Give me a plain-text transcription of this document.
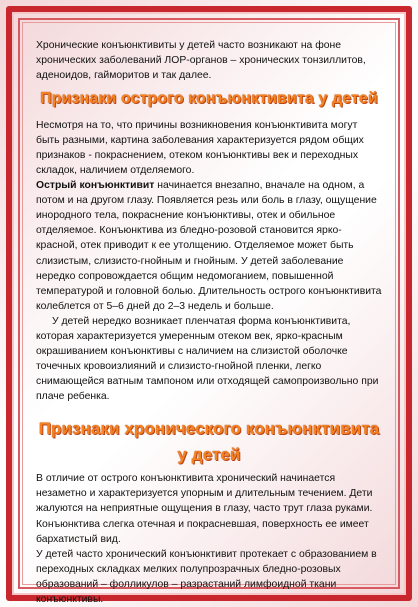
Хронические конъюнктивиты у детей часто возникают на фоне хронических заболеваний ЛОР-органов – хронических тонзиллитов, аденоидов, гайморитов и так далее.

Признаки острого конъюнктивита у детей

Несмотря на то, что причины возникновения конъюнктивита могут быть разными, картина заболевания характеризуется рядом общих признаков - покраснением, отеком конъюнктивы век и переходных складок, наличием отделяемого.

Острый конъюнктивит начинается внезапно, вначале на одном, а потом и на другом глазу. Появляется резь или боль в глазу, ощущение инородного тела, покраснение конъюнктивы, отек и обильное отделяемое. Конъюнктива из бледно-розовой становится ярко-красной, отек приводит к ее утолщению. Отделяемое может быть слизистым, слизисто-гнойным и гнойным. У детей заболевание нередко сопровождается общим недомоганием, повышенной температурой и головной болью. Длительность острого конъюнктивита колеблется от 5–6 дней до 2–3 недель и больше.

У детей нередко возникает пленчатая форма конъюнктивита, которая характеризуется умеренным отеком век, ярко-красным окрашиванием конъюнктивы с наличием на слизистой оболочке точечных кровоизлияний и слизисто-гнойной пленки, легко снимающейся ватным тампоном или отходящей самопроизвольно при плаче ребенка.

Признаки хронического конъюнктивита у детей

В отличие от острого конъюнктивита хронический начинается незаметно и характеризуется упорным и длительным течением. Дети жалуются на неприятные ощущения в глазу, часто трут глаза руками. Конъюнктива слегка отечная и покрасневшая, поверхность ее имеет бархатистый вид.

У детей часто хронический конъюнктивит протекает с образованием в переходных складках мелких полупрозрачных бледно-розовых образований – фолликулов – разрастаний лимфоидной ткани конъюнктивы.
